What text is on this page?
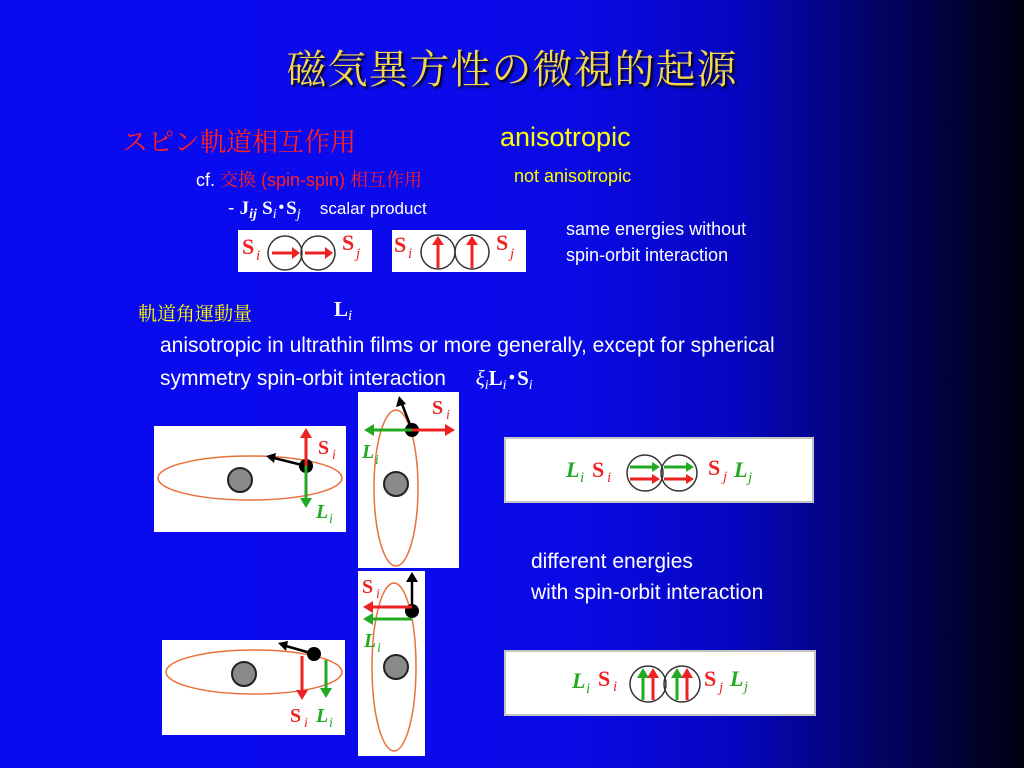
磁気異方性の微視的起源
スピン軌道相互作用	anisotropic
cf. 交換 (spin-spin) 相互作用	not anisotropic
- $J_{ij}$ $S_i$･$S_j$ scalar product
same energies without
spin-orbit interaction
S i
S j S i	S j
軌道角運動量	Li
anisotropic in ultrathin films or more generally, except for spherical
symmetry spin-orbit interaction ξiLi･Si
S i
L i
S i
L i	L i S i	S j L j
different energies
with spin-orbit interaction
S i
L i
S i L i
L i S i	S j L j
